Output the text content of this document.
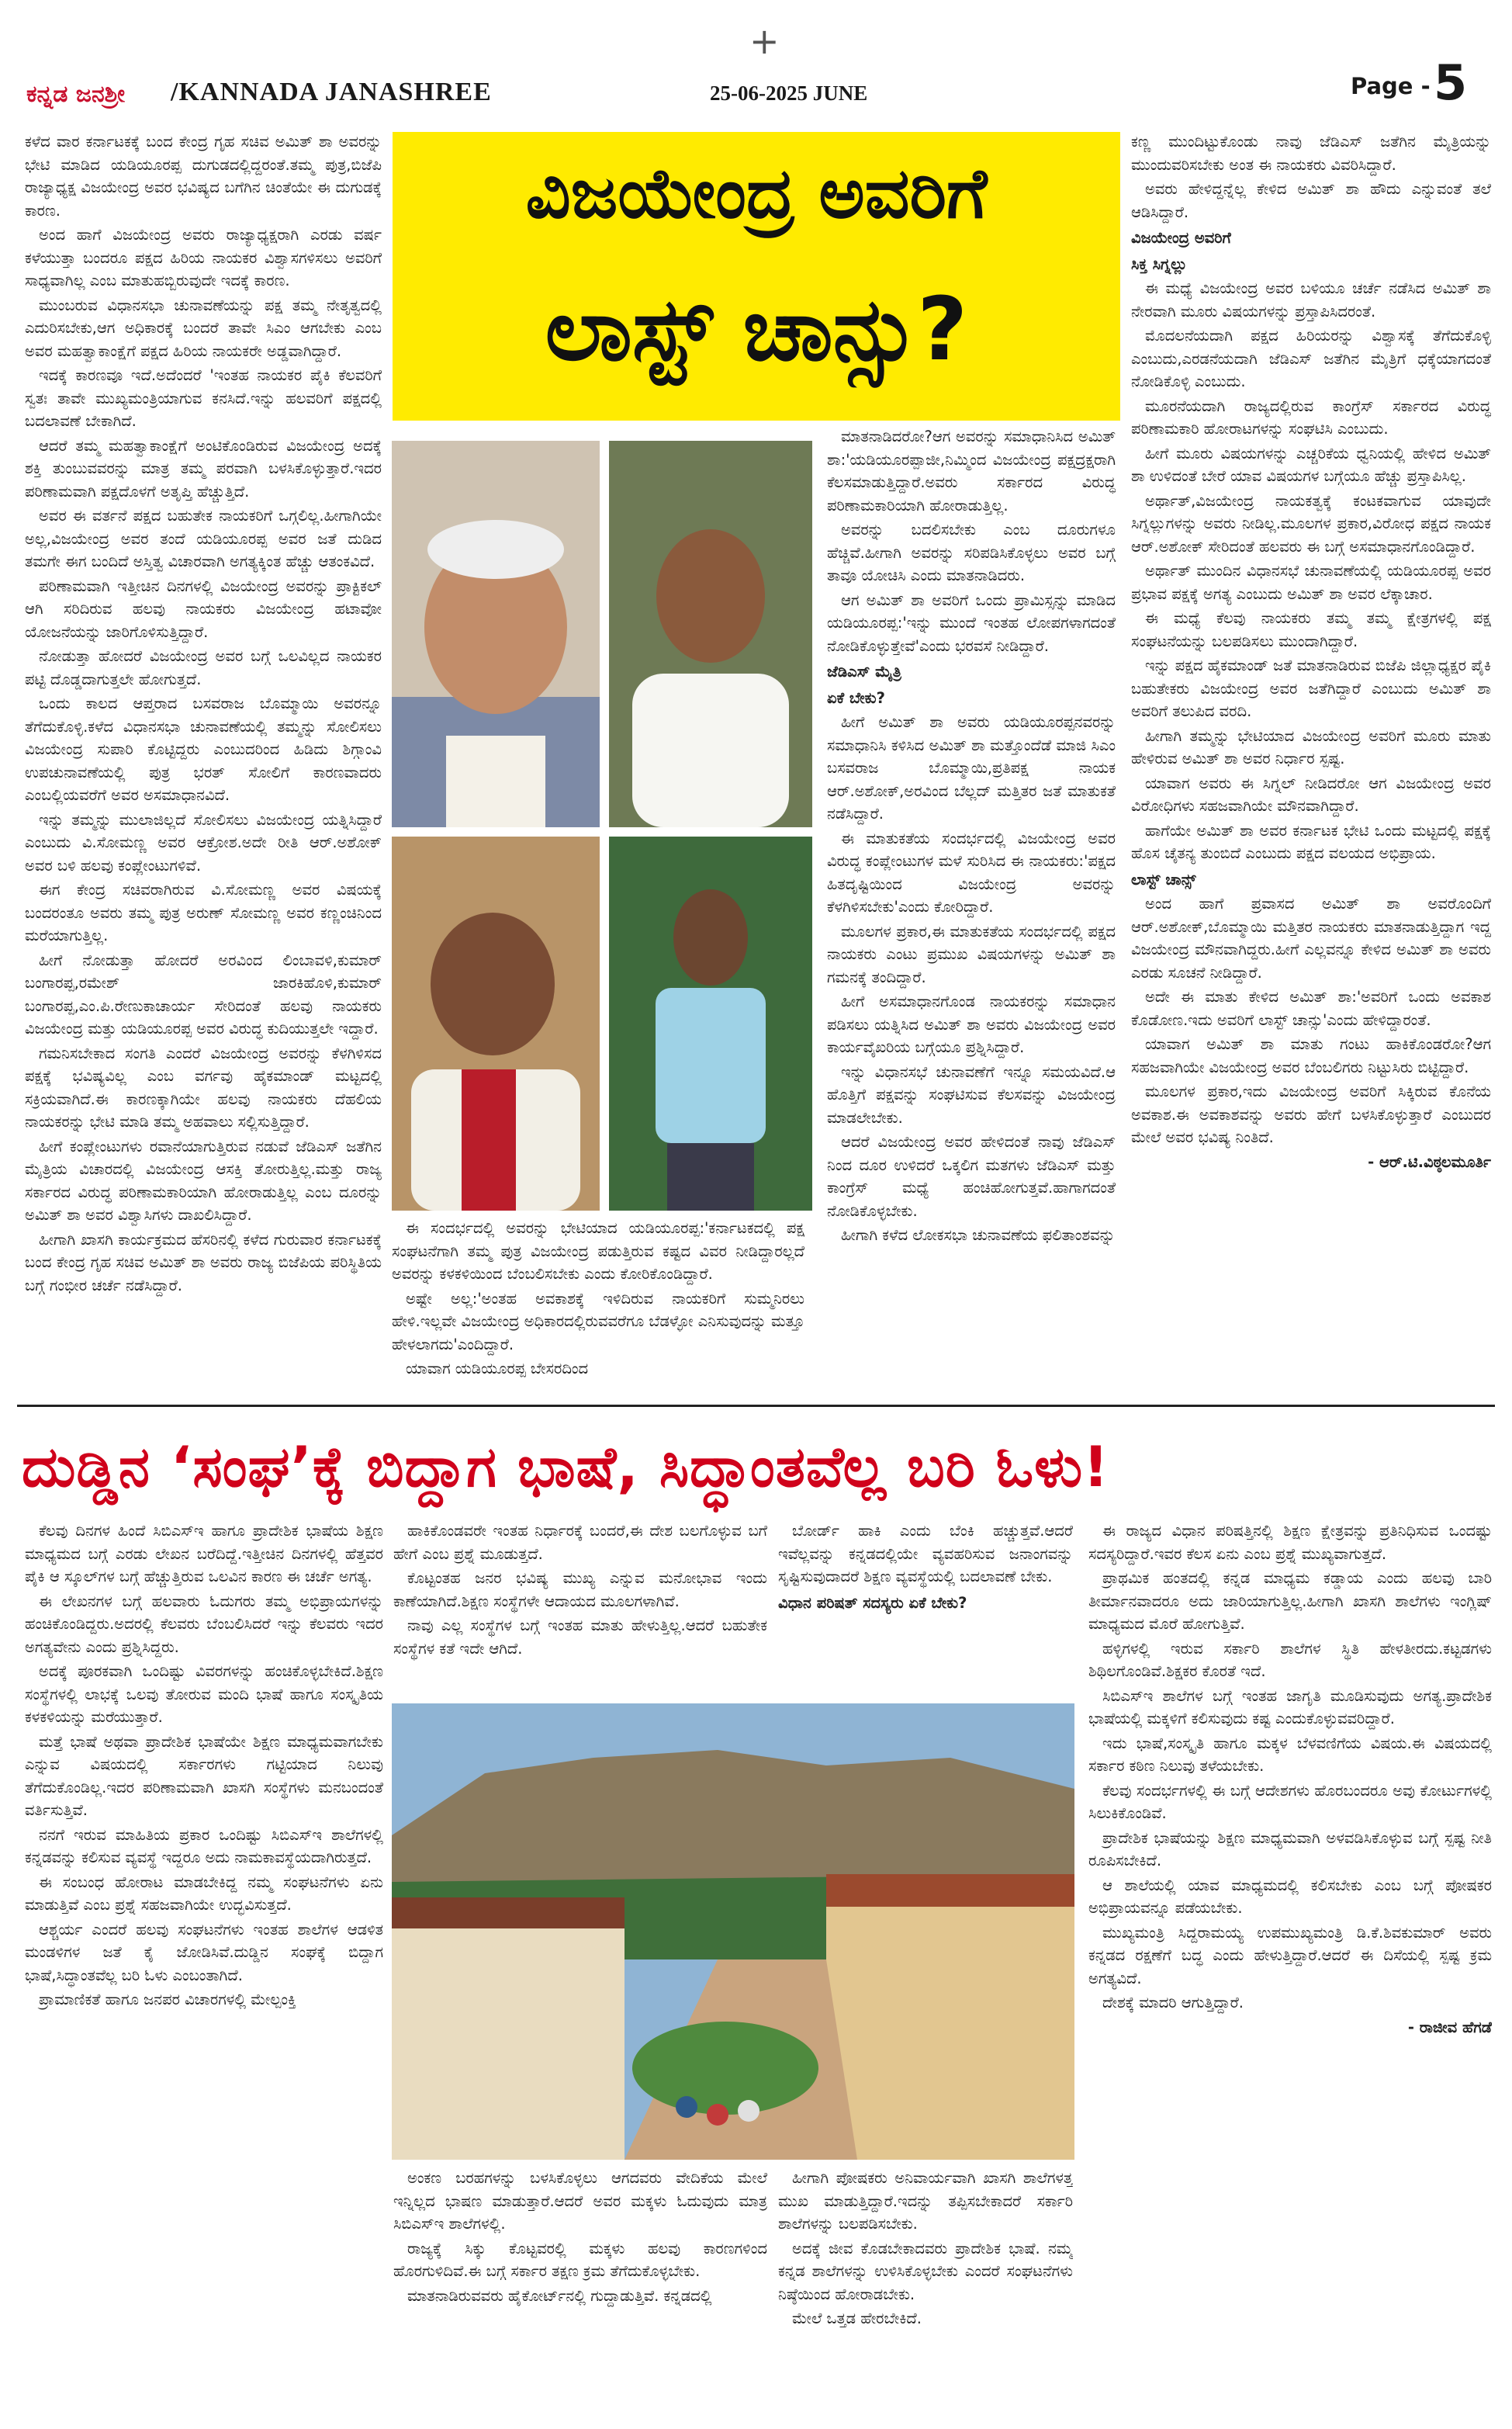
+
ಕನ್ನಡ ಜನಶ್ರೀ /KANNADA JANASHREE	25-06-2025 JUNE	Page - 5
ವಿಜಯೇಂದ್ರ ಅವರಿಗೆ
ಲಾಸ್ಟ್ ಚಾನ್ಸು?

ಕಳೆದ ವಾರ ಕರ್ನಾಟಕಕ್ಕೆ ಬಂದ ಕೇಂದ್ರ ಗೃಹ ಸಚಿವ ಅಮಿತ್ ಶಾ ಅವರನ್ನು ಭೇಟಿ ಮಾಡಿದ ಯಡಿಯೂರಪ್ಪ ದುಗುಡದಲ್ಲಿದ್ದರಂತೆ.ತಮ್ಮ ಪುತ್ರ,ಬಿಜೆಪಿ ರಾಜ್ಯಾಧ್ಯಕ್ಷ ವಿಜಯೇಂದ್ರ ಅವರ ಭವಿಷ್ಯದ ಬಗೆಗಿನ ಚಿಂತೆಯೇ ಈ ದುಗುಡಕ್ಕೆ ಕಾರಣ.

ಅಂದ ಹಾಗೆ ವಿಜಯೇಂದ್ರ ಅವರು ರಾಜ್ಯಾಧ್ಯಕ್ಷರಾಗಿ ಎರಡು ವರ್ಷ ಕಳೆಯುತ್ತಾ ಬಂದರೂ ಪಕ್ಷದ ಹಿರಿಯ ನಾಯಕರ ವಿಶ್ವಾಸಗಳಿಸಲು ಅವರಿಗೆ ಸಾಧ್ಯವಾಗಿಲ್ಲ ಎಂಬ ಮಾತುಹಬ್ಬಿರುವುದೇ ಇದಕ್ಕೆ ಕಾರಣ.

ಮುಂಬರುವ ವಿಧಾನಸಭಾ ಚುನಾವಣೆಯನ್ನು ಪಕ್ಷ ತಮ್ಮ ನೇತೃತ್ವದಲ್ಲಿ ಎದುರಿಸಬೇಕು,ಆಗ ಅಧಿಕಾರಕ್ಕೆ ಬಂದರೆ ತಾವೇ ಸಿಎಂ ಆಗಬೇಕು ಎಂಬ ಅವರ ಮಹತ್ವಾಕಾಂಕ್ಷೆಗೆ ಪಕ್ಷದ ಹಿರಿಯ ನಾಯಕರೇ ಅಡ್ಡವಾಗಿದ್ದಾರೆ.

ಇದಕ್ಕೆ ಕಾರಣವೂ ಇದೆ.ಅದೆಂದರೆ 'ಇಂತಹ ನಾಯಕರ ಪೈಕಿ ಕೆಲವರಿಗೆ ಸ್ವತಃ ತಾವೇ ಮುಖ್ಯಮಂತ್ರಿಯಾಗುವ ಕನಸಿದೆ.ಇನ್ನು ಹಲವರಿಗೆ ಪಕ್ಷದಲ್ಲಿ ಬದಲಾವಣೆ ಬೇಕಾಗಿದೆ.

ಆದರೆ ತಮ್ಮ ಮಹತ್ವಾಕಾಂಕ್ಷೆಗೆ ಅಂಟಿಕೊಂಡಿರುವ ವಿಜಯೇಂದ್ರ ಅದಕ್ಕೆ ಶಕ್ತಿ ತುಂಬುವವರನ್ನು ಮಾತ್ರ ತಮ್ಮ ಪರವಾಗಿ ಬಳಸಿಕೊಳ್ಳುತ್ತಾರೆ.ಇದರ ಪರಿಣಾಮವಾಗಿ ಪಕ್ಷದೊಳಗೆ ಅತೃಪ್ತಿ ಹೆಚ್ಚುತ್ತಿದೆ.

ಅವರ ಈ ವರ್ತನೆ ಪಕ್ಷದ ಬಹುತೇಕ ನಾಯಕರಿಗೆ ಒಗ್ಗಲಿಲ್ಲ.ಹೀಗಾಗಿಯೇ ಅಲ್ಲ,ವಿಜಯೇಂದ್ರ ಅವರ ತಂದೆ ಯಡಿಯೂರಪ್ಪ ಅವರ ಜತೆ ದುಡಿದ ತಮಗೇ ಈಗ ಬಂದಿದೆ ಅಸ್ತಿತ್ವ ವಿಚಾರವಾಗಿ ಅಗತ್ಯಕ್ಕಿಂತ ಹೆಚ್ಚು ಆತಂಕವಿದೆ.

ಪರಿಣಾಮವಾಗಿ ಇತ್ತೀಚಿನ ದಿನಗಳಲ್ಲಿ ವಿಜಯೇಂದ್ರ ಅವರನ್ನು ಪ್ರಾಕ್ಟಿಕಲ್ ಆಗಿ ಸರಿದಿರುವ ಹಲವು ನಾಯಕರು ವಿಜಯೇಂದ್ರ ಹಟಾವೋ ಯೋಜನೆಯನ್ನು ಜಾರಿಗೊಳಿಸುತ್ತಿದ್ದಾರೆ.

ನೋಡುತ್ತಾ ಹೋದರೆ ವಿಜಯೇಂದ್ರ ಅವರ ಬಗ್ಗೆ ಒಲವಿಲ್ಲದ ನಾಯಕರ ಪಟ್ಟಿ ದೊಡ್ಡದಾಗುತ್ತಲೇ ಹೋಗುತ್ತದೆ.

ಒಂದು ಕಾಲದ ಆಪ್ತರಾದ ಬಸವರಾಜ ಬೊಮ್ಮಾಯಿ ಅವರನ್ನೂ ತೆಗೆದುಕೊಳ್ಳಿ.ಕಳೆದ ವಿಧಾನಸಭಾ ಚುನಾವಣೆಯಲ್ಲಿ ತಮ್ಮನ್ನು ಸೋಲಿಸಲು ವಿಜಯೇಂದ್ರ ಸುಪಾರಿ ಕೊಟ್ಟಿದ್ದರು ಎಂಬುದರಿಂದ ಹಿಡಿದು ಶಿಗ್ಗಾಂವಿ ಉಪಚುನಾವಣೆಯಲ್ಲಿ ಪುತ್ರ ಭರತ್ ಸೋಲಿಗೆ ಕಾರಣವಾದರು ಎಂಬಲ್ಲಿಯವರೆಗೆ ಅವರ ಅಸಮಾಧಾನವಿದೆ.

ಇನ್ನು ತಮ್ಮನ್ನು ಮುಲಾಜಿಲ್ಲದೆ ಸೋಲಿಸಲು ವಿಜಯೇಂದ್ರ ಯತ್ನಿಸಿದ್ದಾರೆ ಎಂಬುದು ವಿ.ಸೋಮಣ್ಣ ಅವರ ಆಕ್ರೋಶ.ಅದೇ ರೀತಿ ಆರ್.ಅಶೋಕ್ ಅವರ ಬಳಿ ಹಲವು ಕಂಪ್ಲೇಂಟುಗಳಿವೆ.

ಈಗ ಕೇಂದ್ರ ಸಚಿವರಾಗಿರುವ ವಿ.ಸೋಮಣ್ಣ ಅವರ ವಿಷಯಕ್ಕೆ ಬಂದರಂತೂ ಅವರು ತಮ್ಮ ಪುತ್ರ ಅರುಣ್ ಸೋಮಣ್ಣ ಅವರ ಕಣ್ಣಂಚಿನಿಂದ ಮರೆಯಾಗುತ್ತಿಲ್ಲ.

ಹೀಗೆ ನೋಡುತ್ತಾ ಹೋದರೆ ಅರವಿಂದ ಲಿಂಬಾವಳಿ,ಕುಮಾರ್ ಬಂಗಾರಪ್ಪ,ರಮೇಶ್ ಜಾರಕಿಹೊಳಿ,ಕುಮಾರ್ ಬಂಗಾರಪ್ಪ,ಎಂ.ಪಿ.ರೇಣುಕಾಚಾರ್ಯ ಸೇರಿದಂತೆ ಹಲವು ನಾಯಕರು ವಿಜಯೇಂದ್ರ ಮತ್ತು ಯಡಿಯೂರಪ್ಪ ಅವರ ವಿರುದ್ಧ ಕುದಿಯುತ್ತಲೇ ಇದ್ದಾರೆ.

ಗಮನಿಸಬೇಕಾದ ಸಂಗತಿ ಎಂದರೆ ವಿಜಯೇಂದ್ರ ಅವರನ್ನು ಕೆಳಗಿಳಿಸದ ಪಕ್ಷಕ್ಕೆ ಭವಿಷ್ಯವಿಲ್ಲ ಎಂಬ ವರ್ಗವು ಹೈಕಮಾಂಡ್ ಮಟ್ಟದಲ್ಲಿ ಸಕ್ರಿಯವಾಗಿದೆ.ಈ ಕಾರಣಕ್ಕಾಗಿಯೇ ಹಲವು ನಾಯಕರು ದೆಹಲಿಯ ನಾಯಕರನ್ನು ಭೇಟಿ ಮಾಡಿ ತಮ್ಮ ಅಹವಾಲು ಸಲ್ಲಿಸುತ್ತಿದ್ದಾರೆ.

ಹೀಗೆ ಕಂಪ್ಲೇಂಟುಗಳು ರವಾನೆಯಾಗುತ್ತಿರುವ ನಡುವೆ ಜೆಡಿಎಸ್ ಜತೆಗಿನ ಮೈತ್ರಿಯ ವಿಚಾರದಲ್ಲಿ ವಿಜಯೇಂದ್ರ ಆಸಕ್ತಿ ತೋರುತ್ತಿಲ್ಲ.ಮತ್ತು ರಾಜ್ಯ ಸರ್ಕಾರದ ವಿರುದ್ಧ ಪರಿಣಾಮಕಾರಿಯಾಗಿ ಹೋರಾಡುತ್ತಿಲ್ಲ ಎಂಬ ದೂರನ್ನು ಅಮಿತ್ ಶಾ ಅವರ ವಿಶ್ವಾಸಿಗಳು ದಾಖಲಿಸಿದ್ದಾರೆ.

ಹೀಗಾಗಿ ಖಾಸಗಿ ಕಾರ್ಯಕ್ರಮದ ಹೆಸರಿನಲ್ಲಿ ಕಳೆದ ಗುರುವಾರ ಕರ್ನಾಟಕಕ್ಕೆ ಬಂದ ಕೇಂದ್ರ ಗೃಹ ಸಚಿವ ಅಮಿತ್ ಶಾ ಅವರು ರಾಜ್ಯ ಬಿಜೆಪಿಯ ಪರಿಸ್ಥಿತಿಯ ಬಗ್ಗೆ ಗಂಭೀರ ಚರ್ಚೆ ನಡೆಸಿದ್ದಾರೆ.

ಈ ಸಂದರ್ಭದಲ್ಲಿ ಅವರನ್ನು ಭೇಟಿಯಾದ ಯಡಿಯೂರಪ್ಪ:'ಕರ್ನಾಟಕದಲ್ಲಿ ಪಕ್ಷ ಸಂಘಟನೆಗಾಗಿ ತಮ್ಮ ಪುತ್ರ ವಿಜಯೇಂದ್ರ ಪಡುತ್ತಿರುವ ಕಷ್ಟದ ವಿವರ ನೀಡಿದ್ದಾರಲ್ಲದೆ ಅವರನ್ನು ಕಳಕಳಿಯಿಂದ ಬೆಂಬಲಿಸಬೇಕು ಎಂದು ಕೋರಿಕೊಂಡಿದ್ದಾರೆ.

ಅಷ್ಟೇ ಅಲ್ಲ:'ಅಂತಹ ಅವಕಾಶಕ್ಕೆ ಇಳಿದಿರುವ ನಾಯಕರಿಗೆ ಸುಮ್ಮನಿರಲು ಹೇಳಿ.ಇಲ್ಲವೇ ವಿಜಯೇಂದ್ರ ಅಧಿಕಾರದಲ್ಲಿರುವವರೆಗೂ ಬೆಡಳ್ಳೋ ಎನಿಸುವುದನ್ನು ಮತ್ತೂ ಹೇಳಲಾಗದು'ಎಂದಿದ್ದಾರೆ.

ಯಾವಾಗ ಯಡಿಯೂರಪ್ಪ ಬೇಸರದಿಂದ

ಮಾತನಾಡಿದರೋ?ಆಗ ಅವರನ್ನು ಸಮಾಧಾನಿಸಿದ ಅಮಿತ್ ಶಾ:'ಯಡಿಯೂರಪ್ಪಾಜೀ,ನಿಮ್ಮಿಂದ ವಿಜಯೇಂದ್ರ ಪಕ್ಷದ್ರಕ್ಷರಾಗಿ ಕೆಲಸಮಾಡುತ್ತಿದ್ದಾರೆ.ಅವರು ಸರ್ಕಾರದ ವಿರುದ್ಧ ಪರಿಣಾಮಕಾರಿಯಾಗಿ ಹೋರಾಡುತ್ತಿಲ್ಲ.

ಅವರನ್ನು ಬದಲಿಸಬೇಕು ಎಂಬ ದೂರುಗಳೂ ಹೆಚ್ಚಿವೆ.ಹೀಗಾಗಿ ಅವರನ್ನು ಸರಿಪಡಿಸಿಕೊಳ್ಳಲು ಅವರ ಬಗ್ಗೆ ತಾವೂ ಯೋಚಿಸಿ ಎಂದು ಮಾತನಾಡಿದರು.

ಆಗ ಅಮಿತ್ ಶಾ ಅವರಿಗೆ ಒಂದು ಪ್ರಾಮಿಸ್ಸನ್ನು ಮಾಡಿದ ಯಡಿಯೂರಪ್ಪ:'ಇನ್ನು ಮುಂದೆ ಇಂತಹ ಲೋಪಗಳಾಗದಂತೆ ನೋಡಿಕೊಳ್ಳುತ್ತೇವೆ'ಎಂದು ಭರವಸೆ ನೀಡಿದ್ದಾರೆ.

ಜೆಡಿಎಸ್ ಮೈತ್ರಿ

ಏಕೆ ಬೇಕು?

ಹೀಗೆ ಅಮಿತ್ ಶಾ ಅವರು ಯಡಿಯೂರಪ್ಪನವರನ್ನು ಸಮಾಧಾನಿಸಿ ಕಳಿಸಿದ ಅಮಿತ್ ಶಾ ಮತ್ತೊಂದೆಡೆ ಮಾಜಿ ಸಿಎಂ ಬಸವರಾಜ ಬೊಮ್ಮಾಯಿ,ಪ್ರತಿಪಕ್ಷ ನಾಯಕ ಆರ್.ಅಶೋಕ್,ಅರವಿಂದ ಬೆಲ್ಲದ್ ಮತ್ತಿತರ ಜತೆ ಮಾತುಕತೆ ನಡೆಸಿದ್ದಾರೆ.

ಈ ಮಾತುಕತೆಯ ಸಂದರ್ಭದಲ್ಲಿ ವಿಜಯೇಂದ್ರ ಅವರ ವಿರುದ್ಧ ಕಂಪ್ಲೇಂಟುಗಳ ಮಳೆ ಸುರಿಸಿದ ಈ ನಾಯಕರು:'ಪಕ್ಷದ ಹಿತದೃಷ್ಟಿಯಿಂದ ವಿಜಯೇಂದ್ರ ಅವರನ್ನು ಕೆಳಗಿಳಿಸಬೇಕು'ಎಂದು ಕೋರಿದ್ದಾರೆ.

ಮೂಲಗಳ ಪ್ರಕಾರ,ಈ ಮಾತುಕತೆಯ ಸಂದರ್ಭದಲ್ಲಿ ಪಕ್ಷದ ನಾಯಕರು ಎಂಟು ಪ್ರಮುಖ ವಿಷಯಗಳನ್ನು ಅಮಿತ್ ಶಾ ಗಮನಕ್ಕೆ ತಂದಿದ್ದಾರೆ.

ಹೀಗೆ ಅಸಮಾಧಾನಗೊಂಡ ನಾಯಕರನ್ನು ಸಮಾಧಾನ ಪಡಿಸಲು ಯತ್ನಿಸಿದ ಅಮಿತ್ ಶಾ ಅವರು ವಿಜಯೇಂದ್ರ ಅವರ ಕಾರ್ಯವೈಖರಿಯ ಬಗ್ಗೆಯೂ ಪ್ರಶ್ನಿಸಿದ್ದಾರೆ.

ಇನ್ನು ವಿಧಾನಸಭೆ ಚುನಾವಣೆಗೆ ಇನ್ನೂ ಸಮಯವಿದೆ.ಆ ಹೊತ್ತಿಗೆ ಪಕ್ಷವನ್ನು ಸಂಘಟಿಸುವ ಕೆಲಸವನ್ನು ವಿಜಯೇಂದ್ರ ಮಾಡಲೇಬೇಕು.

ಆದರೆ ವಿಜಯೇಂದ್ರ ಅವರ ಹೇಳಿದಂತೆ ನಾವು ಜೆಡಿಎಸ್ ನಿಂದ ದೂರ ಉಳಿದರೆ ಒಕ್ಕಲಿಗ ಮತಗಳು ಜೆಡಿಎಸ್ ಮತ್ತು ಕಾಂಗ್ರೆಸ್ ಮಧ್ಯೆ ಹಂಚಿಹೋಗುತ್ತವೆ.ಹಾಗಾಗದಂತೆ ನೋಡಿಕೊಳ್ಳಬೇಕು.

ಹೀಗಾಗಿ ಕಳೆದ ಲೋಕಸಭಾ ಚುನಾವಣೆಯ ಫಲಿತಾಂಶವನ್ನು

ಕಣ್ಣ ಮುಂದಿಟ್ಟುಕೊಂಡು ನಾವು ಜೆಡಿಎಸ್ ಜತೆಗಿನ ಮೈತ್ರಿಯನ್ನು ಮುಂದುವರಿಸಬೇಕು ಅಂತ ಈ ನಾಯಕರು ವಿವರಿಸಿದ್ದಾರೆ.

ಅವರು ಹೇಳಿದ್ದನ್ನೆಲ್ಲ ಕೇಳಿದ ಅಮಿತ್ ಶಾ ಹೌದು ಎನ್ನುವಂತೆ ತಲೆ ಆಡಿಸಿದ್ದಾರೆ.

ವಿಜಯೇಂದ್ರ ಅವರಿಗೆ

ಸಿಕ್ತ ಸಿಗ್ನಲ್ಲು

ಈ ಮಧ್ಯೆ ವಿಜಯೇಂದ್ರ ಅವರ ಬಳಿಯೂ ಚರ್ಚೆ ನಡೆಸಿದ ಅಮಿತ್ ಶಾ ನೇರವಾಗಿ ಮೂರು ವಿಷಯಗಳನ್ನು ಪ್ರಸ್ತಾಪಿಸಿದರಂತೆ.

ಮೊದಲನೆಯದಾಗಿ ಪಕ್ಷದ ಹಿರಿಯರನ್ನು ವಿಶ್ವಾಸಕ್ಕೆ ತೆಗೆದುಕೊಳ್ಳಿ ಎಂಬುದು,ಎರಡನೆಯದಾಗಿ ಜೆಡಿಎಸ್ ಜತೆಗಿನ ಮೈತ್ರಿಗೆ ಧಕ್ಕೆಯಾಗದಂತೆ ನೋಡಿಕೊಳ್ಳಿ ಎಂಬುದು.

ಮೂರನೆಯದಾಗಿ ರಾಜ್ಯದಲ್ಲಿರುವ ಕಾಂಗ್ರೆಸ್ ಸರ್ಕಾರದ ವಿರುದ್ಧ ಪರಿಣಾಮಕಾರಿ ಹೋರಾಟಗಳನ್ನು ಸಂಘಟಿಸಿ ಎಂಬುದು.

ಹೀಗೆ ಮೂರು ವಿಷಯಗಳನ್ನು ಎಚ್ಚರಿಕೆಯ ಧ್ವನಿಯಲ್ಲಿ ಹೇಳಿದ ಅಮಿತ್ ಶಾ ಉಳಿದಂತೆ ಬೇರೆ ಯಾವ ವಿಷಯಗಳ ಬಗ್ಗೆಯೂ ಹೆಚ್ಚು ಪ್ರಸ್ತಾಪಿಸಿಲ್ಲ.

ಅರ್ಥಾತ್,ವಿಜಯೇಂದ್ರ ನಾಯಕತ್ವಕ್ಕೆ ಕಂಟಕವಾಗುವ ಯಾವುದೇ ಸಿಗ್ನಲ್ಲುಗಳನ್ನು ಅವರು ನೀಡಿಲ್ಲ.ಮೂಲಗಳ ಪ್ರಕಾರ,ವಿರೋಧ ಪಕ್ಷದ ನಾಯಕ ಆರ್.ಅಶೋಕ್ ಸೇರಿದಂತೆ ಹಲವರು ಈ ಬಗ್ಗೆ ಅಸಮಾಧಾನಗೊಂಡಿದ್ದಾರೆ.

ಅರ್ಥಾತ್ ಮುಂದಿನ ವಿಧಾನಸಭೆ ಚುನಾವಣೆಯಲ್ಲಿ ಯಡಿಯೂರಪ್ಪ ಅವರ ಪ್ರಭಾವ ಪಕ್ಷಕ್ಕೆ ಅಗತ್ಯ ಎಂಬುದು ಅಮಿತ್ ಶಾ ಅವರ ಲೆಕ್ಕಾಚಾರ.

ಈ ಮಧ್ಯೆ ಕೆಲವು ನಾಯಕರು ತಮ್ಮ ತಮ್ಮ ಕ್ಷೇತ್ರಗಳಲ್ಲಿ ಪಕ್ಷ ಸಂಘಟನೆಯನ್ನು ಬಲಪಡಿಸಲು ಮುಂದಾಗಿದ್ದಾರೆ.

ಇನ್ನು ಪಕ್ಷದ ಹೈಕಮಾಂಡ್ ಜತೆ ಮಾತನಾಡಿರುವ ಬಿಜೆಪಿ ಜಿಲ್ಲಾಧ್ಯಕ್ಷರ ಪೈಕಿ ಬಹುತೇಕರು ವಿಜಯೇಂದ್ರ ಅವರ ಜತೆಗಿದ್ದಾರೆ ಎಂಬುದು ಅಮಿತ್ ಶಾ ಅವರಿಗೆ ತಲುಪಿದ ವರದಿ.

ಹೀಗಾಗಿ ತಮ್ಮನ್ನು ಭೇಟಿಯಾದ ವಿಜಯೇಂದ್ರ ಅವರಿಗೆ ಮೂರು ಮಾತು ಹೇಳಿರುವ ಅಮಿತ್ ಶಾ ಅವರ ನಿರ್ಧಾರ ಸ್ಪಷ್ಟ.

ಯಾವಾಗ ಅವರು ಈ ಸಿಗ್ನಲ್ ನೀಡಿದರೋ ಆಗ ವಿಜಯೇಂದ್ರ ಅವರ ವಿರೋಧಿಗಳು ಸಹಜವಾಗಿಯೇ ಮೌನವಾಗಿದ್ದಾರೆ.

ಹಾಗೆಯೇ ಅಮಿತ್ ಶಾ ಅವರ ಕರ್ನಾಟಕ ಭೇಟಿ ಒಂದು ಮಟ್ಟದಲ್ಲಿ ಪಕ್ಷಕ್ಕೆ ಹೊಸ ಚೈತನ್ಯ ತುಂಬಿದೆ ಎಂಬುದು ಪಕ್ಷದ ವಲಯದ ಅಭಿಪ್ರಾಯ.

ಲಾಸ್ಟ್ ಚಾನ್ಸ್

ಅಂದ ಹಾಗೆ ಪ್ರವಾಸದ ಅಮಿತ್ ಶಾ ಅವರೊಂದಿಗೆ ಆರ್.ಅಶೋಕ್,ಬೊಮ್ಮಾಯಿ ಮತ್ತಿತರ ನಾಯಕರು ಮಾತನಾಡುತ್ತಿದ್ದಾಗ ಇದ್ದ ವಿಜಯೇಂದ್ರ ಮೌನವಾಗಿದ್ದರು.ಹೀಗೆ ಎಲ್ಲವನ್ನೂ ಕೇಳಿದ ಅಮಿತ್ ಶಾ ಅವರು ಎರಡು ಸೂಚನೆ ನೀಡಿದ್ದಾರೆ.

ಅದೇ ಈ ಮಾತು ಕೇಳಿದ ಅಮಿತ್ ಶಾ:'ಅವರಿಗೆ ಒಂದು ಅವಕಾಶ ಕೊಡೋಣ.ಇದು ಅವರಿಗೆ ಲಾಸ್ಟ್ ಚಾನ್ಸು'ಎಂದು ಹೇಳಿದ್ದಾರಂತೆ.

ಯಾವಾಗ ಅಮಿತ್ ಶಾ ಮಾತು ಗಂಟು ಹಾಕಿಕೊಂಡರೋ?ಆಗ ಸಹಜವಾಗಿಯೇ ವಿಜಯೇಂದ್ರ ಅವರ ಬೆಂಬಲಿಗರು ನಿಟ್ಟುಸಿರು ಬಿಟ್ಟಿದ್ದಾರೆ.

ಮೂಲಗಳ ಪ್ರಕಾರ,ಇದು ವಿಜಯೇಂದ್ರ ಅವರಿಗೆ ಸಿಕ್ಕಿರುವ ಕೊನೆಯ ಅವಕಾಶ.ಈ ಅವಕಾಶವನ್ನು ಅವರು ಹೇಗೆ ಬಳಸಿಕೊಳ್ಳುತ್ತಾರೆ ಎಂಬುದರ ಮೇಲೆ ಅವರ ಭವಿಷ್ಯ ನಿಂತಿದೆ.

- ಆರ್.ಟಿ.ವಿಠ್ಠಲಮೂರ್ತಿ

ದುಡ್ಡಿನ ‘ಸಂಘ’ಕ್ಕೆ ಬಿದ್ದಾಗ ಭಾಷೆ, ಸಿದ್ಧಾಂತವೆಲ್ಲ ಬರಿ ಓಳು!

ಕೆಲವು ದಿನಗಳ ಹಿಂದೆ ಸಿಬಿಎಸ್‌ಇ ಹಾಗೂ ಪ್ರಾದೇಶಿಕ ಭಾಷೆಯ ಶಿಕ್ಷಣ ಮಾಧ್ಯಮದ ಬಗ್ಗೆ ಎರಡು ಲೇಖನ ಬರೆದಿದ್ದೆ.ಇತ್ತೀಚಿನ ದಿನಗಳಲ್ಲಿ ಹೆತ್ತವರ ಪೈಕಿ ಆ ಸ್ಕೂಲ್‌ಗಳ ಬಗ್ಗೆ ಹೆಚ್ಚುತ್ತಿರುವ ಒಲವಿನ ಕಾರಣ ಈ ಚರ್ಚೆ ಅಗತ್ಯ.

ಈ ಲೇಖನಗಳ ಬಗ್ಗೆ ಹಲವಾರು ಓದುಗರು ತಮ್ಮ ಅಭಿಪ್ರಾಯಗಳನ್ನು ಹಂಚಿಕೊಂಡಿದ್ದರು.ಅದರಲ್ಲಿ ಕೆಲವರು ಬೆಂಬಲಿಸಿದರೆ ಇನ್ನು ಕೆಲವರು ಇದರ ಅಗತ್ಯವೇನು ಎಂದು ಪ್ರಶ್ನಿಸಿದ್ದರು.

ಅದಕ್ಕೆ ಪೂರಕವಾಗಿ ಒಂದಿಷ್ಟು ವಿವರಗಳನ್ನು ಹಂಚಿಕೊಳ್ಳಬೇಕಿದೆ.ಶಿಕ್ಷಣ ಸಂಸ್ಥೆಗಳಲ್ಲಿ ಲಾಭಕ್ಕೆ ಒಲವು ತೋರುವ ಮಂದಿ ಭಾಷೆ ಹಾಗೂ ಸಂಸ್ಕೃತಿಯ ಕಳಕಳಿಯನ್ನು ಮರೆಯುತ್ತಾರೆ.

ಮತ್ತೆ ಭಾಷೆ ಅಥವಾ ಪ್ರಾದೇಶಿಕ ಭಾಷೆಯೇ ಶಿಕ್ಷಣ ಮಾಧ್ಯಮವಾಗಬೇಕು ಎನ್ನುವ ವಿಷಯದಲ್ಲಿ ಸರ್ಕಾರಗಳು ಗಟ್ಟಿಯಾದ ನಿಲುವು ತೆಗೆದುಕೊಂಡಿಲ್ಲ.ಇದರ ಪರಿಣಾಮವಾಗಿ ಖಾಸಗಿ ಸಂಸ್ಥೆಗಳು ಮನಬಂದಂತೆ ವರ್ತಿಸುತ್ತಿವೆ.

ನನಗೆ ಇರುವ ಮಾಹಿತಿಯ ಪ್ರಕಾರ ಒಂದಿಷ್ಟು ಸಿಬಿಎಸ್‌ಇ ಶಾಲೆಗಳಲ್ಲಿ ಕನ್ನಡವನ್ನು ಕಲಿಸುವ ವ್ಯವಸ್ಥೆ ಇದ್ದರೂ ಅದು ನಾಮಕಾವಸ್ಥೆಯದಾಗಿರುತ್ತದೆ.

ಈ ಸಂಬಂಧ ಹೋರಾಟ ಮಾಡಬೇಕಿದ್ದ ನಮ್ಮ ಸಂಘಟನೆಗಳು ಏನು ಮಾಡುತ್ತಿವೆ ಎಂಬ ಪ್ರಶ್ನೆ ಸಹಜವಾಗಿಯೇ ಉದ್ಭವಿಸುತ್ತದೆ.

ಆಶ್ಚರ್ಯ ಎಂದರೆ ಹಲವು ಸಂಘಟನೆಗಳು ಇಂತಹ ಶಾಲೆಗಳ ಆಡಳಿತ ಮಂಡಳಿಗಳ ಜತೆ ಕೈ ಜೋಡಿಸಿವೆ.ದುಡ್ಡಿನ ಸಂಘಕ್ಕೆ ಬಿದ್ದಾಗ ಭಾಷೆ,ಸಿದ್ಧಾಂತವೆಲ್ಲ ಬರಿ ಓಳು ಎಂಬಂತಾಗಿದೆ.

ಪ್ರಾಮಾಣಿಕತೆ ಹಾಗೂ ಜನಪರ ವಿಚಾರಗಳಲ್ಲಿ ಮೇಲ್ಪಂಕ್ತಿ

ಹಾಕಿಕೊಂಡವರೇ ಇಂತಹ ನಿರ್ಧಾರಕ್ಕೆ ಬಂದರೆ,ಈ ದೇಶ ಬಲಗೊಳ್ಳುವ ಬಗೆ ಹೇಗೆ ಎಂಬ ಪ್ರಶ್ನೆ ಮೂಡುತ್ತದೆ.

ಕೊಟ್ಟಂತಹ ಜನರ ಭವಿಷ್ಯ ಮುಖ್ಯ ಎನ್ನುವ ಮನೋಭಾವ ಇಂದು ಕಾಣೆಯಾಗಿದೆ.ಶಿಕ್ಷಣ ಸಂಸ್ಥೆಗಳೇ ಆದಾಯದ ಮೂಲಗಳಾಗಿವೆ.

ನಾವು ಎಲ್ಲ ಸಂಸ್ಥೆಗಳ ಬಗ್ಗೆ ಇಂತಹ ಮಾತು ಹೇಳುತ್ತಿಲ್ಲ.ಆದರೆ ಬಹುತೇಕ ಸಂಸ್ಥೆಗಳ ಕತೆ ಇದೇ ಆಗಿದೆ.

ಅಂಕಣ ಬರಹಗಳನ್ನು ಬಳಸಿಕೊಳ್ಳಲು ಆಗದವರು ವೇದಿಕೆಯ ಮೇಲೆ ಇನ್ನಿಲ್ಲದ ಭಾಷಣ ಮಾಡುತ್ತಾರೆ.ಆದರೆ ಅವರ ಮಕ್ಕಳು ಓದುವುದು ಮಾತ್ರ ಸಿಬಿಎಸ್‌ಇ ಶಾಲೆಗಳಲ್ಲಿ.

ರಾಜ್ಯಕ್ಕೆ ಸಿಕ್ಕು ಕೊಟ್ಟವರಲ್ಲಿ ಮಕ್ಕಳು ಹಲವು ಕಾರಣಗಳಿಂದ ಹೊರಗುಳಿದಿವೆ.ಈ ಬಗ್ಗೆ ಸರ್ಕಾರ ತಕ್ಷಣ ಕ್ರಮ ತೆಗೆದುಕೊಳ್ಳಬೇಕು.

ಮಾತನಾಡಿರುವವರು ಹೈಕೋರ್ಟ್‌ನಲ್ಲಿ ಗುದ್ದಾಡುತ್ತಿವೆ. ಕನ್ನಡದಲ್ಲಿ

ಬೋರ್ಡ್ ಹಾಕಿ ಎಂದು ಬೆಂಕಿ ಹಚ್ಚುತ್ತವೆ.ಆದರೆ ಇವೆಲ್ಲವನ್ನು ಕನ್ನಡದಲ್ಲಿಯೇ ವ್ಯವಹರಿಸುವ ಜನಾಂಗವನ್ನು ಸೃಷ್ಟಿಸುವುದಾದರೆ ಶಿಕ್ಷಣ ವ್ಯವಸ್ಥೆಯಲ್ಲಿ ಬದಲಾವಣೆ ಬೇಕು.

ವಿಧಾನ ಪರಿಷತ್ ಸದಸ್ಯರು ಏಕೆ ಬೇಕು?

ಹೀಗಾಗಿ ಪೋಷಕರು ಅನಿವಾರ್ಯವಾಗಿ ಖಾಸಗಿ ಶಾಲೆಗಳತ್ತ ಮುಖ ಮಾಡುತ್ತಿದ್ದಾರೆ.ಇದನ್ನು ತಪ್ಪಿಸಬೇಕಾದರೆ ಸರ್ಕಾರಿ ಶಾಲೆಗಳನ್ನು ಬಲಪಡಿಸಬೇಕು.

ಅದಕ್ಕೆ ಜೀವ ಕೊಡಬೇಕಾದವರು ಪ್ರಾದೇಶಿಕ ಭಾಷೆ. ನಮ್ಮ ಕನ್ನಡ ಶಾಲೆಗಳನ್ನು ಉಳಿಸಿಕೊಳ್ಳಬೇಕು ಎಂದರೆ ಸಂಘಟನೆಗಳು ನಿಷ್ಠೆಯಿಂದ ಹೋರಾಡಬೇಕು.

ಮೇಲೆ ಒತ್ತಡ ಹೇರಬೇಕಿದೆ.

ಈ ರಾಜ್ಯದ ವಿಧಾನ ಪರಿಷತ್ತಿನಲ್ಲಿ ಶಿಕ್ಷಣ ಕ್ಷೇತ್ರವನ್ನು ಪ್ರತಿನಿಧಿಸುವ ಒಂದಷ್ಟು ಸದಸ್ಯರಿದ್ದಾರೆ.ಇವರ ಕೆಲಸ ಏನು ಎಂಬ ಪ್ರಶ್ನೆ ಮುಖ್ಯವಾಗುತ್ತದೆ.

ಪ್ರಾಥಮಿಕ ಹಂತದಲ್ಲಿ ಕನ್ನಡ ಮಾಧ್ಯಮ ಕಡ್ಡಾಯ ಎಂದು ಹಲವು ಬಾರಿ ತೀರ್ಮಾನವಾದರೂ ಅದು ಜಾರಿಯಾಗುತ್ತಿಲ್ಲ.ಹೀಗಾಗಿ ಖಾಸಗಿ ಶಾಲೆಗಳು ಇಂಗ್ಲಿಷ್ ಮಾಧ್ಯಮದ ಮೊರೆ ಹೋಗುತ್ತಿವೆ.

ಹಳ್ಳಿಗಳಲ್ಲಿ ಇರುವ ಸರ್ಕಾರಿ ಶಾಲೆಗಳ ಸ್ಥಿತಿ ಹೇಳತೀರದು.ಕಟ್ಟಡಗಳು ಶಿಥಿಲಗೊಂಡಿವೆ.ಶಿಕ್ಷಕರ ಕೊರತೆ ಇದೆ.

ಸಿಬಿಎಸ್‌ಇ ಶಾಲೆಗಳ ಬಗ್ಗೆ ಇಂತಹ ಜಾಗೃತಿ ಮೂಡಿಸುವುದು ಅಗತ್ಯ.ಪ್ರಾದೇಶಿಕ ಭಾಷೆಯಲ್ಲಿ ಮಕ್ಕಳಿಗೆ ಕಲಿಸುವುದು ಕಷ್ಟ ಎಂದುಕೊಳ್ಳುವವರಿದ್ದಾರೆ.

ಇದು ಭಾಷೆ,ಸಂಸ್ಕೃತಿ ಹಾಗೂ ಮಕ್ಕಳ ಬೆಳವಣಿಗೆಯ ವಿಷಯ.ಈ ವಿಷಯದಲ್ಲಿ ಸರ್ಕಾರ ಕಠಿಣ ನಿಲುವು ತಳೆಯಬೇಕು.

ಕೆಲವು ಸಂದರ್ಭಗಳಲ್ಲಿ ಈ ಬಗ್ಗೆ ಆದೇಶಗಳು ಹೊರಬಂದರೂ ಅವು ಕೋರ್ಟುಗಳಲ್ಲಿ ಸಿಲುಕಿಕೊಂಡಿವೆ.

ಪ್ರಾದೇಶಿಕ ಭಾಷೆಯನ್ನು ಶಿಕ್ಷಣ ಮಾಧ್ಯಮವಾಗಿ ಅಳವಡಿಸಿಕೊಳ್ಳುವ ಬಗ್ಗೆ ಸ್ಪಷ್ಟ ನೀತಿ ರೂಪಿಸಬೇಕಿದೆ.

ಆ ಶಾಲೆಯಲ್ಲಿ ಯಾವ ಮಾಧ್ಯಮದಲ್ಲಿ ಕಲಿಸಬೇಕು ಎಂಬ ಬಗ್ಗೆ ಪೋಷಕರ ಅಭಿಪ್ರಾಯವನ್ನೂ ಪಡೆಯಬೇಕು.

ಮುಖ್ಯಮಂತ್ರಿ ಸಿದ್ದರಾಮಯ್ಯ ಉಪಮುಖ್ಯಮಂತ್ರಿ ಡಿ.ಕೆ.ಶಿವಕುಮಾರ್ ಅವರು ಕನ್ನಡದ ರಕ್ಷಣೆಗೆ ಬದ್ಧ ಎಂದು ಹೇಳುತ್ತಿದ್ದಾರೆ.ಆದರೆ ಈ ದಿಸೆಯಲ್ಲಿ ಸ್ಪಷ್ಟ ಕ್ರಮ ಅಗತ್ಯವಿದೆ.

ದೇಶಕ್ಕೆ ಮಾದರಿ ಆಗುತ್ತಿದ್ದಾರೆ.

- ರಾಜೀವ ಹೆಗಡೆ
